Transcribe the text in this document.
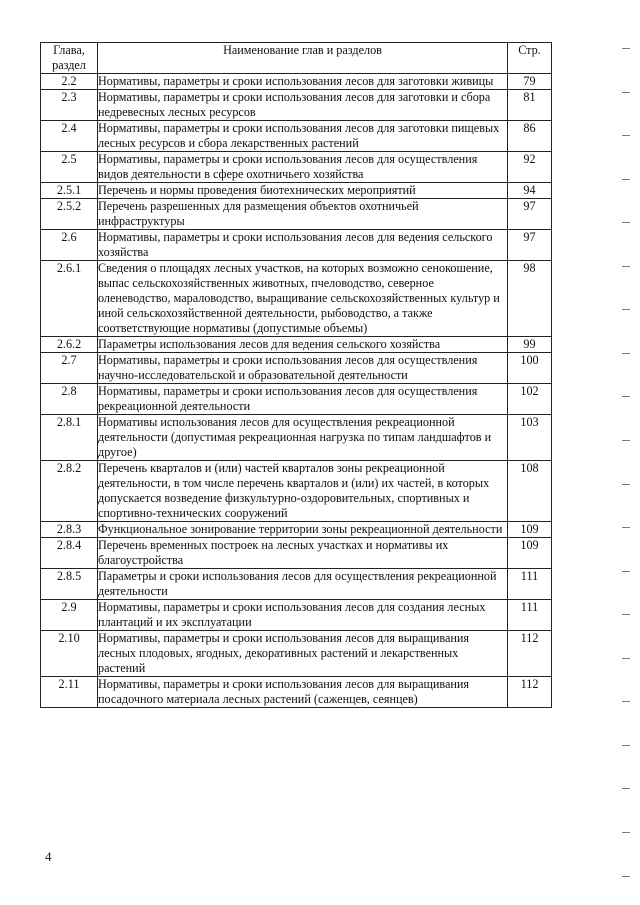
Глава, раздел	Наименование глав и разделов	Стр.
2.2	Нормативы, параметры и сроки использования лесов для заготовки живицы	79
2.3	Нормативы, параметры и сроки использования лесов для заготовки и сбора недревесных лесных ресурсов	81
2.4	Нормативы, параметры и сроки использования лесов для заготовки пищевых лесных ресурсов и сбора лекарственных растений	86
2.5	Нормативы, параметры и сроки использования лесов для осуществления видов деятельности в сфере охотничьего хозяйства	92
2.5.1	Перечень и нормы проведения биотехнических мероприятий	94
2.5.2	Перечень разрешенных для размещения объектов охотничьей инфраструктуры	97
2.6	Нормативы, параметры и сроки использования лесов для ведения сельского хозяйства	97
2.6.1	Сведения о площадях лесных участков, на которых возможно сенокошение, выпас сельскохозяйственных животных, пчеловодство, северное оленеводство, мараловодство, выращивание сельскохозяйственных культур и иной сельскохозяйственной деятельности, рыбоводство, а также соответствующие нормативы (допустимые объемы)	98
2.6.2	Параметры использования лесов для ведения сельского хозяйства	99
2.7	Нормативы, параметры и сроки использования лесов для осуществления научно-исследовательской и образовательной деятельности	100
2.8	Нормативы, параметры и сроки использования лесов для осуществления рекреационной деятельности	102
2.8.1	Нормативы использования лесов для осуществления рекреационной деятельности (допустимая рекреационная нагрузка по типам ландшафтов и другое)	103
2.8.2	Перечень кварталов и (или) частей кварталов зоны рекреационной деятельности, в том числе перечень кварталов и (или) их частей, в которых допускается возведение физкультурно-оздоровительных, спортивных и спортивно-технических сооружений	108
2.8.3	Функциональное зонирование территории зоны рекреационной деятельности	109
2.8.4	Перечень временных построек на лесных участках и нормативы их благоустройства	109
2.8.5	Параметры и сроки использования лесов для осуществления рекреационной деятельности	111
2.9	Нормативы, параметры и сроки использования лесов для создания лесных плантаций и их эксплуатации	111
2.10	Нормативы, параметры и сроки использования лесов для выращивания лесных плодовых, ягодных, декоративных растений и лекарственных растений	112
2.11	Нормативы, параметры и сроки использования лесов для выращивания посадочного материала лесных растений (саженцев, сеянцев)	112
4
